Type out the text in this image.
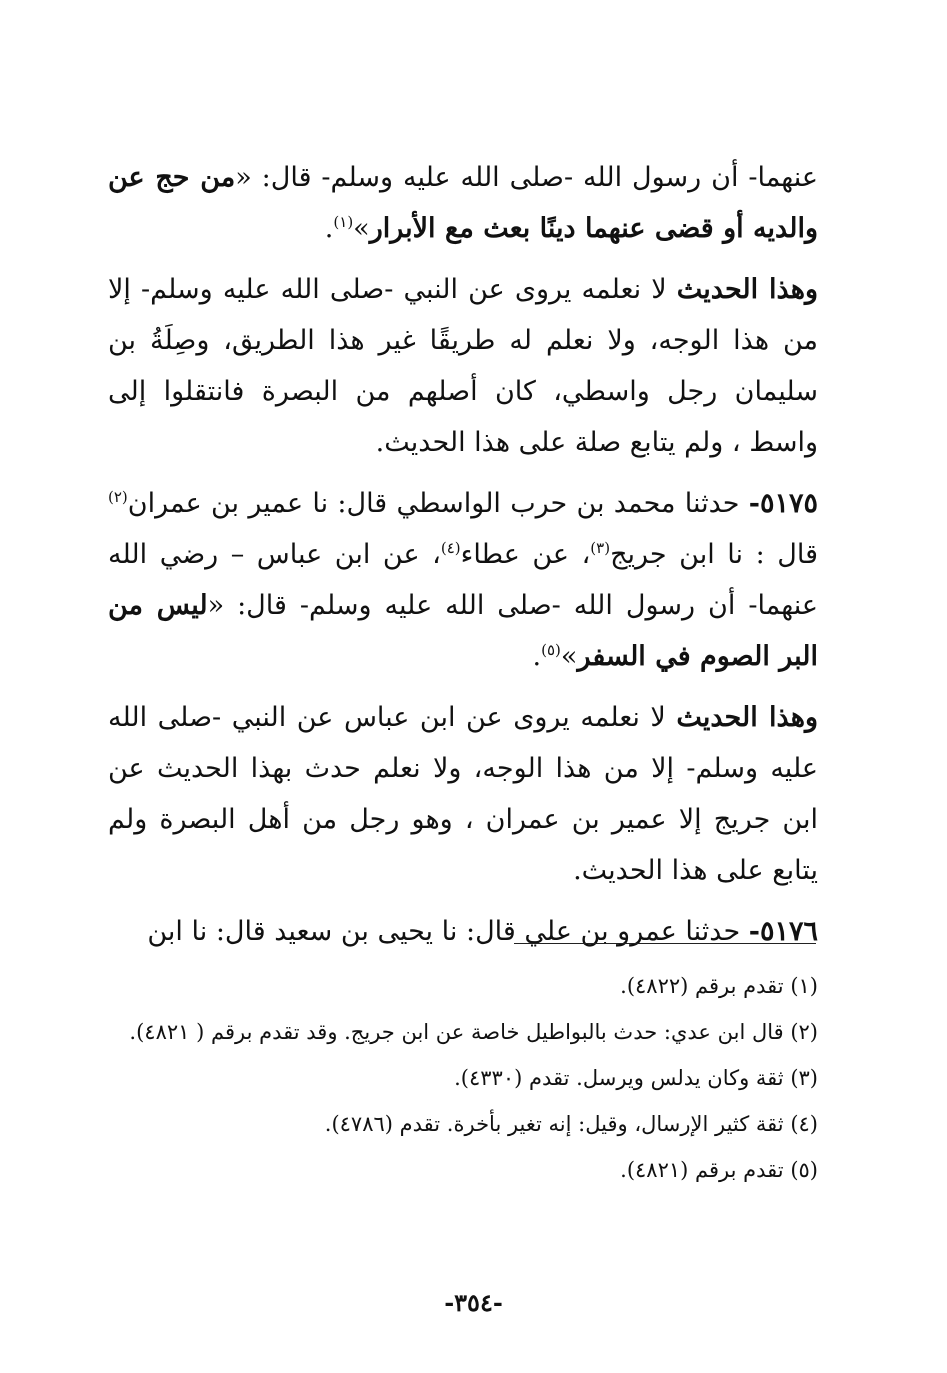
عنهما- أن رسول الله -صلى الله عليه وسلم- قال: «من حج عن والديه أو قضى عنهما دينًا بعث مع الأبرار»$^{(١)}$.

وهذا الحديث لا نعلمه يروى عن النبي -صلى الله عليه وسلم- إلا من هذا الوجه، ولا نعلم له طريقًا غير هذا الطريق، وصِلَةُ بن سليمان رجل واسطي، كان أصلهم من البصرة فانتقلوا إلى واسط ، ولم يتابع صلة على هذا الحديث.

٥١٧٥- حدثنا محمد بن حرب الواسطي قال: نا عمير بن عمران$^{(٢)}$ قال : نا ابن جريج$^{(٣)}$، عن عطاء$^{(٤)}$، عن ابن عباس – رضي الله عنهما- أن رسول الله -صلى الله عليه وسلم- قال: «ليس من البر الصوم في السفر»$^{(٥)}$.

وهذا الحديث لا نعلمه يروى عن ابن عباس عن النبي -صلى الله عليه وسلم- إلا من هذا الوجه، ولا نعلم حدث بهذا الحديث عن ابن جريج إلا عمير بن عمران ، وهو رجل من أهل البصرة ولم يتابع على هذا الحديث.

٥١٧٦- حدثنا عمرو بن علي قال: نا يحيى بن سعيد قال: نا ابن

(١) تقدم برقم (٤٨٢٢).
(٢) قال ابن عدي: حدث بالبواطيل خاصة عن ابن جريج. وقد تقدم برقم ( ٤٨٢١).
(٣) ثقة وكان يدلس ويرسل. تقدم (٤٣٣٠).
(٤) ثقة كثير الإرسال، وقيل: إنه تغير بأخرة. تقدم (٤٧٨٦).
(٥) تقدم برقم (٤٨٢١).
-٣٥٤-
